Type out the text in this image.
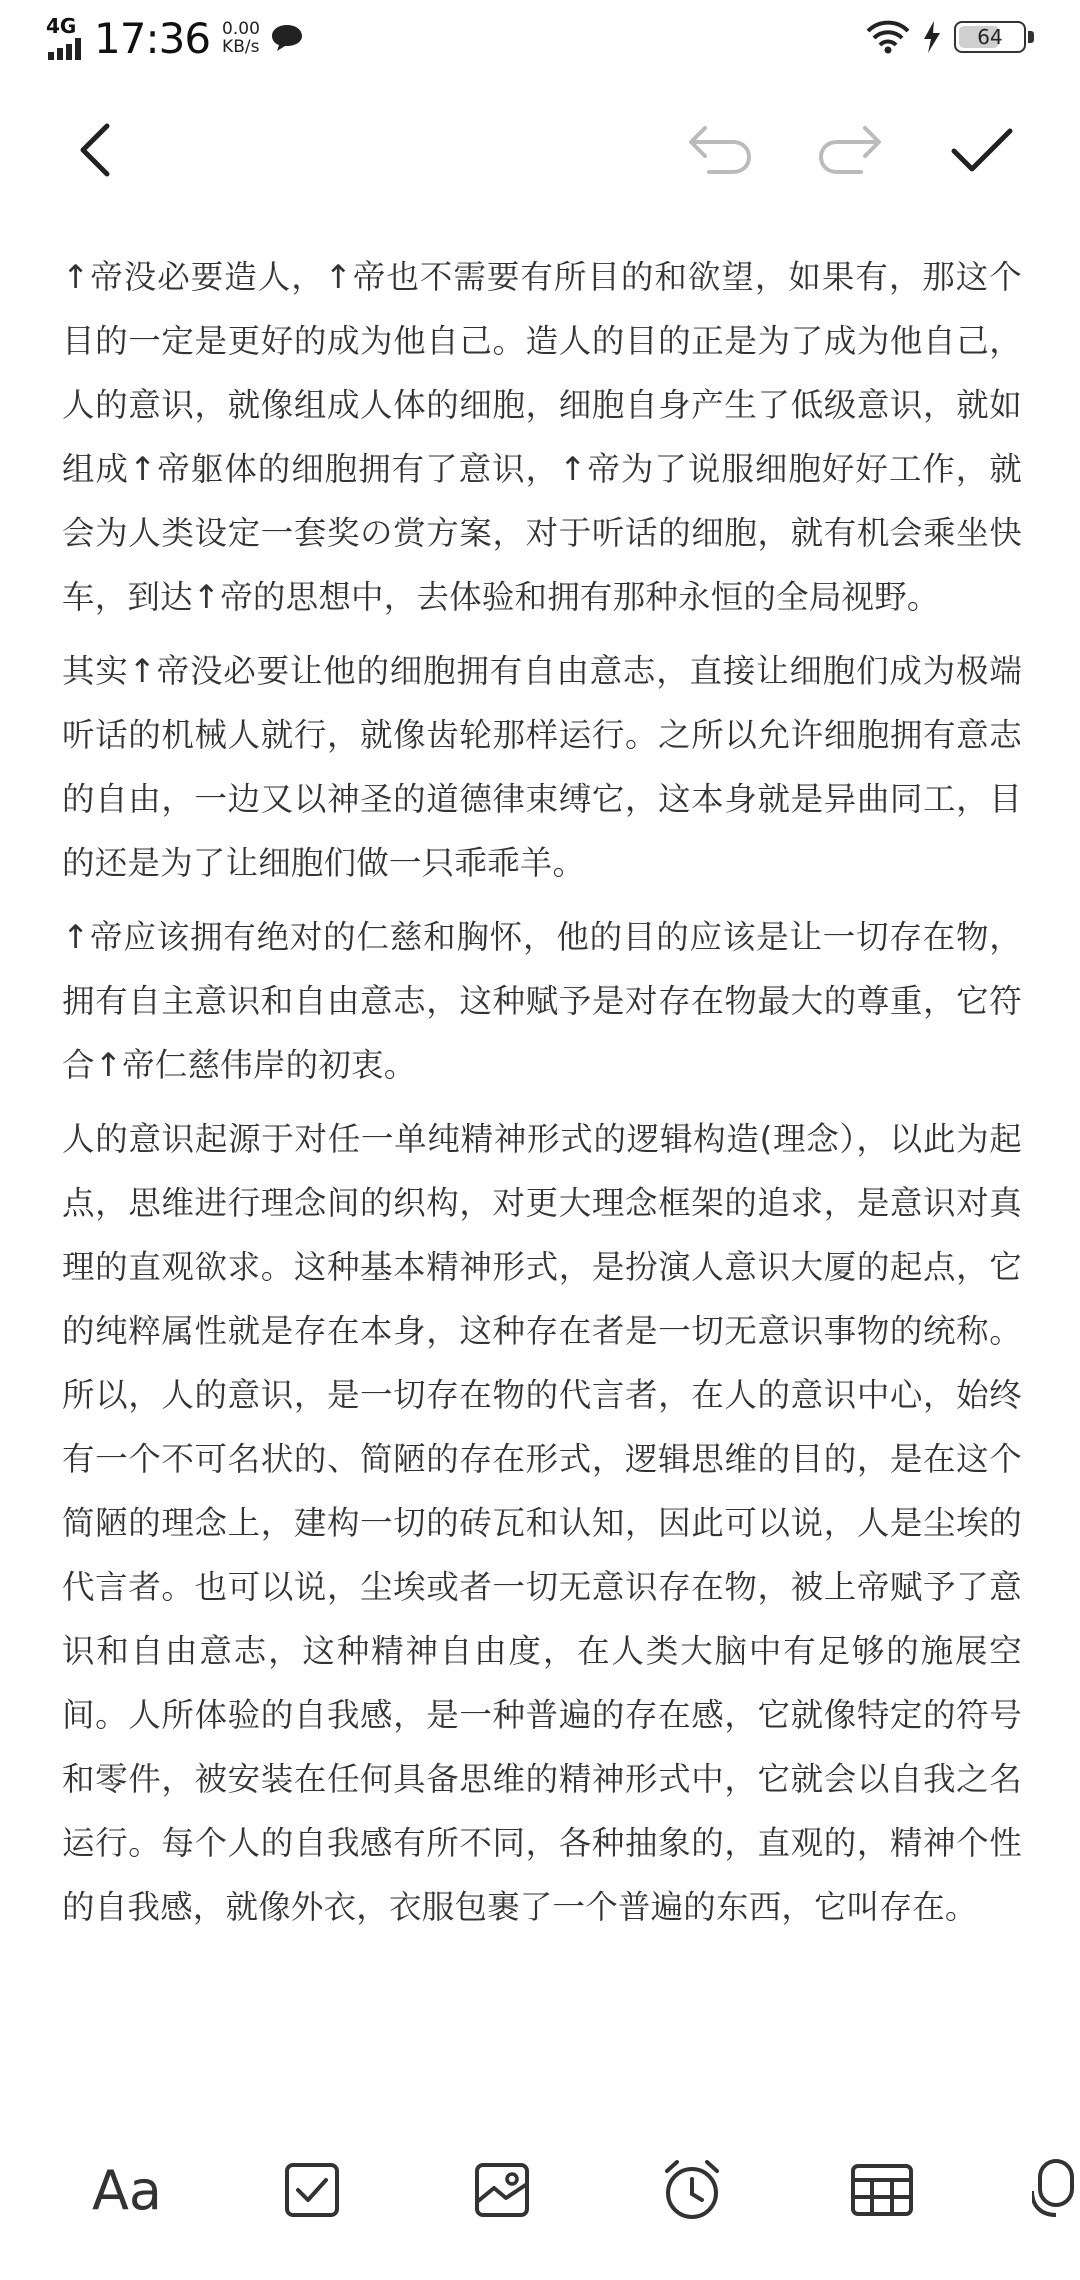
4G 17:36 0.00
KB/s	64

↑帝没必要造人，↑帝也不需要有所目的和欲望，如果有，那这个目的一定是更好的成为他自己。造人的目的正是为了成为他自己，人的意识，就像组成人体的细胞，细胞自身产生了低级意识，就如组成↑帝躯体的细胞拥有了意识，↑帝为了说服细胞好好工作，就会为人类设定一套奖の赏方案，对于听话的细胞，就有机会乘坐快车，到达↑帝的思想中，去体验和拥有那种永恒的全局视野。

其实↑帝没必要让他的细胞拥有自由意志，直接让细胞们成为极端听话的机械人就行，就像齿轮那样运行。之所以允许细胞拥有意志的自由，一边又以神圣的道德律束缚它，这本身就是异曲同工，目的还是为了让细胞们做一只乖乖羊。

↑帝应该拥有绝对的仁慈和胸怀，他的目的应该是让一切存在物，拥有自主意识和自由意志，这种赋予是对存在物最大的尊重，它符合↑帝仁慈伟岸的初衷。

人的意识起源于对任一单纯精神形式的逻辑构造(理念），以此为起点，思维进行理念间的织构，对更大理念框架的追求，是意识对真理的直观欲求。这种基本精神形式，是扮演人意识大厦的起点，它的纯粹属性就是存在本身，这种存在者是一切无意识事物的统称。所以，人的意识，是一切存在物的代言者，在人的意识中心，始终有一个不可名状的、简陋的存在形式，逻辑思维的目的，是在这个简陋的理念上，建构一切的砖瓦和认知，因此可以说，人是尘埃的代言者。也可以说，尘埃或者一切无意识存在物，被上帝赋予了意识和自由意志，这种精神自由度，在人类大脑中有足够的施展空间。人所体验的自我感，是一种普遍的存在感，它就像特定的符号和零件，被安装在任何具备思维的精神形式中，它就会以自我之名运行。每个人的自我感有所不同，各种抽象的，直观的，精神个性的自我感，就像外衣，衣服包裹了一个普遍的东西，它叫存在。

Aa
